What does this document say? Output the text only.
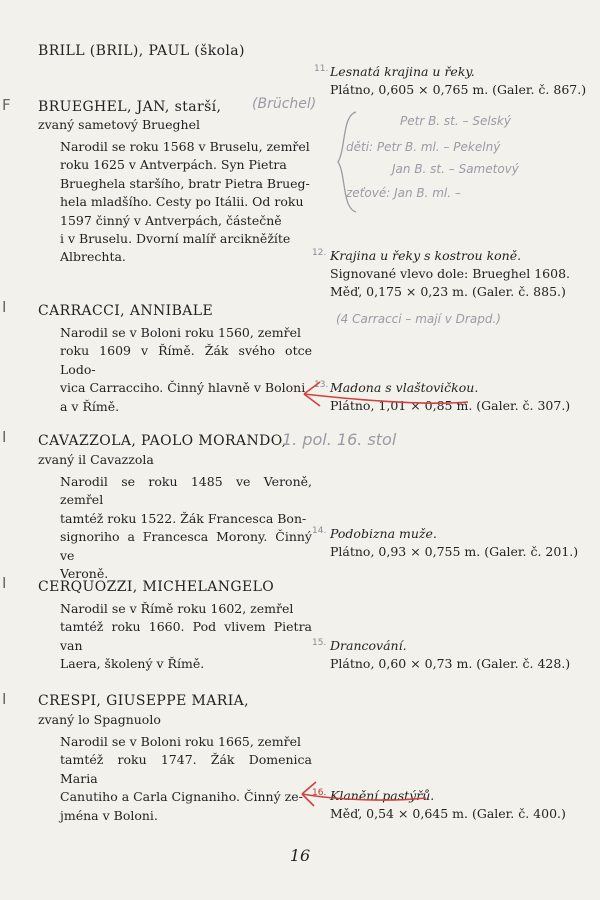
F
I
I
I
I
BRILL (BRIL), PAUL (škola)
BRUEGHEL, JAN, starší,
zvaný sametový Brueghel
Narodil se roku 1568 v Bruselu, zemřel
roku 1625 v Antverpách. Syn Pietra
Brueghela staršího, bratr Pietra Brueg-
hela mladšího. Cesty po Itálii. Od roku
1597 činný v Antverpách, částečně
i v Bruselu. Dvorní malíř arcikněžíte
Albrechta.
CARRACCI, ANNIBALE
Narodil se v Boloni roku 1560, zemřel
roku 1609 v Římě. Žák svého otce Lodo-
vica Carracciho. Činný hlavně v Boloni
a v Římě.
CAVAZZOLA, PAOLO MORANDO,
zvaný il Cavazzola
Narodil se roku 1485 ve Veroně, zemřel
tamtéž roku 1522. Žák Francesca Bon-
signoriho a Francesca Morony. Činný ve
Veroně.
CERQUOZZI, MICHELANGELO
Narodil se v Římě roku 1602, zemřel
tamtéž roku 1660. Pod vlivem Pietra van
Laera, školený v Římě.
CRESPI, GIUSEPPE MARIA,
zvaný lo Spagnuolo
Narodil se v Boloni roku 1665, zemřel
tamtéž roku 1747. Žák Domenica Maria
Canutiho a Carla Cignaniho. Činný ze-
jména v Boloni.
11. Lesnatá krajina u řeky.
Plátno, 0,605 × 0,765 m. (Galer. č. 867.)
12. Krajina u řeky s kostrou koně.
Signované vlevo dole: Brueghel 1608.
Měď, 0,175 × 0,23 m. (Galer. č. 885.)
13. Madona s vlaštovičkou.
Plátno, 1,01 × 0,85 m. (Galer. č. 307.)
14. Podobizna muže.
Plátno, 0,93 × 0,755 m. (Galer. č. 201.)
15. Drancování.
Plátno, 0,60 × 0,73 m. (Galer. č. 428.)
16. Klanění pastýřů.
Měď, 0,54 × 0,645 m. (Galer. č. 400.)
(Brüchel)
Petr B. st. – Selský
děti: Petr B. ml. – Pekelný
Jan B. st. – Sametový
zeťové: Jan B. ml. –
(4 Carracci – mají v Drapd.)
1. pol. 16. stol
16
